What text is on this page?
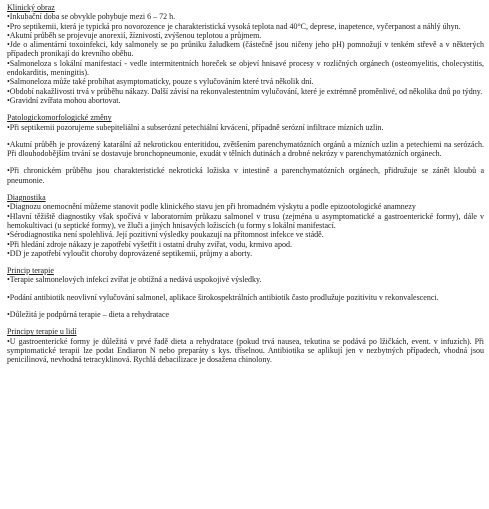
Klinický obraz

•Inkubační doba se obvykle pohybuje mezi 6 – 72 h.

•Pro septikemii, která je typická pro novorozence je charakteristická vysoká teplota nad 40°C, deprese, inapetence, vyčerpanost a náhlý úhyn.

•Akutní průběh se projevuje anorexií, žíznivostí, zvýšenou teplotou a průjmem.

•Jde o alimentární toxoinfekci, kdy salmonely se po průniku žaludkem (částečně jsou ničeny jeho pH) pomnožují v tenkém střevě a v některých případech pronikají do krevního oběhu.

•Salmoneloza s lokální manifestací - vedle intermitentních horeček se objeví hnisavé procesy v rozličných orgánech (osteomyelitis, cholecystitis, endokarditis, meningitis).

•Salmoneloza může také probíhat asymptomaticky, pouze s vylučováním které trvá několik dní.

•Období nakažlivosti trvá v průběhu nákazy. Další závisí na rekonvalestentním vylučování, které je extrémně proměnlivé, od několika dnů po týdny.

•Gravidní zvířata mohou abortovat.

Patologickomorfologické změny

•Při septikemii pozorujeme subepiteliální a subserózní petechiální krvácení, případně serózní infiltrace mízních uzlin.

•Akutní průběh je provázený katarální až nekrotickou enteritidou, zvětšením parenchymatózních orgánů a mízních uzlin a petechiemi na serózách. Při dlouhodobějším trvání se dostavuje bronchopneumonie, exudát v tělních dutinách a drobné nekrózy v parenchymatózních orgánech.

•Při chronickém průběhu jsou charakteristické nekrotická ložiska v intestině a parenchymatózních orgánech, přidružuje se zánět kloubů a pneumonie.

Diagnostika

•Diagnozu onemocnění můžeme stanovit podle klinického stavu jen při hromadném výskytu a podle epizootologické anamnezy

•Hlavní těžiště diagnostiky však spočívá v laboratorním průkazu salmonel v trusu (zejména u asymptomatické a gastroenterické formy), dále v hemokultivaci (u septické formy), ve žluči a jiných hnisavých ložiscích (u formy s lokální manifestací.

•Sérodiagnostika není spolehlivá. Její pozitivní výsledky poukazují na přítomnost infekce ve stádě.

•Při hledání zdroje nákazy je zapotřebí vyšetřit i ostatní druhy zvířat, vodu, krmivo apod.

•DD je zapotřebí vyloučit choroby doprovázené septikemií, průjmy a aborty.

Princip terapie

•Terapie salmonelových infekcí zvířat je obtížná a nedává uspokojivé výsledky.

•Podání antibiotik neovlivní vylučování salmonel, aplikace širokospektrálních antibiotik často prodlužuje pozitivitu v rekonvalescenci.

•Důležitá je podpůrná terapie – dieta a rehydratace

Principy terapie u lidí

•U gastroenterické formy je důležitá v prvé řadě dieta a rehydratace (pokud trvá nausea, tekutina se podává po lžičkách, event. v infuzích). Při symptomatické terapii lze podat Endiaron N nebo preparáty s kys. tříselnou. Antibiotika se aplikují jen v nezbytných případech, vhodná jsou penicilinová, nevhodná tetracyklinová. Rychlá debacilizace je dosažena chinolony.
